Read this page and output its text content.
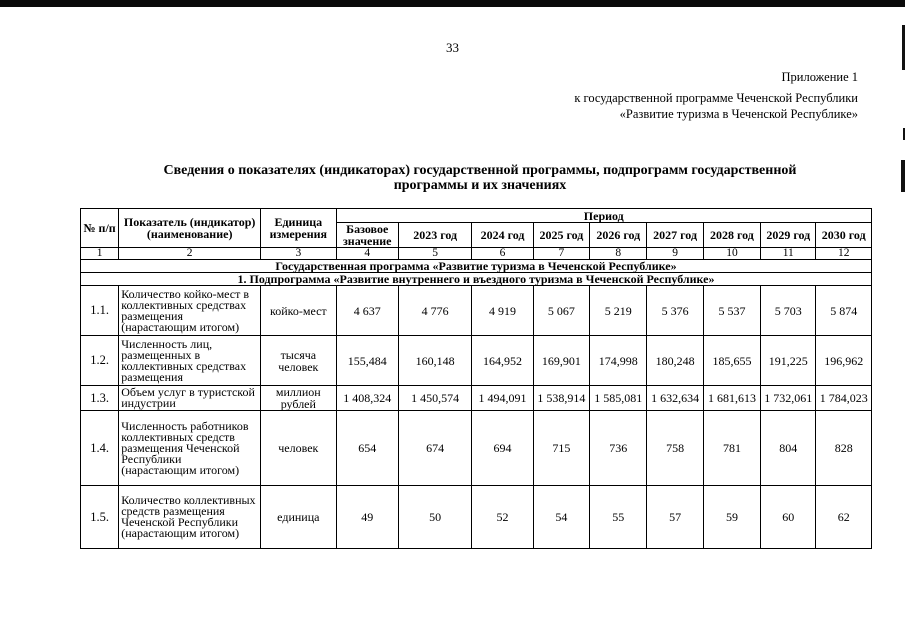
33
Приложение 1
к государственной программе Чеченской Республики
«Развитие туризма в Чеченской Республике»
Сведения о показателях (индикаторах) государственной программы, подпрограмм государственной
программы и их значениях
№ п/п	Показатель (индикатор) (наименование)	Единица измерения	Период								
			Базовое значение	2023 год	2024 год	2025 год	2026 год	2027 год	2028 год	2029 год	2030 год
1	2	3	4	5	6	7	8	9	10	11	12
Государственная программа «Развитие туризма в Чеченской Республике»											
1. Подпрограмма «Развитие внутреннего и въездного туризма в Чеченской Республике»											
1.1.	Количество койко-мест в коллективных средствах размещения (нарастающим итогом)	койко-мест	4 637	4 776	4 919	5 067	5 219	5 376	5 537	5 703	5 874
1.2.	Численность лиц, размещенных в коллективных средствах размещения	тысяча человек	155,484	160,148	164,952	169,901	174,998	180,248	185,655	191,225	196,962
1.3.	Объем услуг в туристской индустрии	миллион рублей	1 408,324	1 450,574	1 494,091	1 538,914	1 585,081	1 632,634	1 681,613	1 732,061	1 784,023
1.4.	Численность работников коллективных средств размещения Чеченской Республики (нарастающим итогом)	человек	654	674	694	715	736	758	781	804	828
1.5.	Количество коллективных средств размещения Чеченской Республики (нарастающим итогом)	единица	49	50	52	54	55	57	59	60	62
